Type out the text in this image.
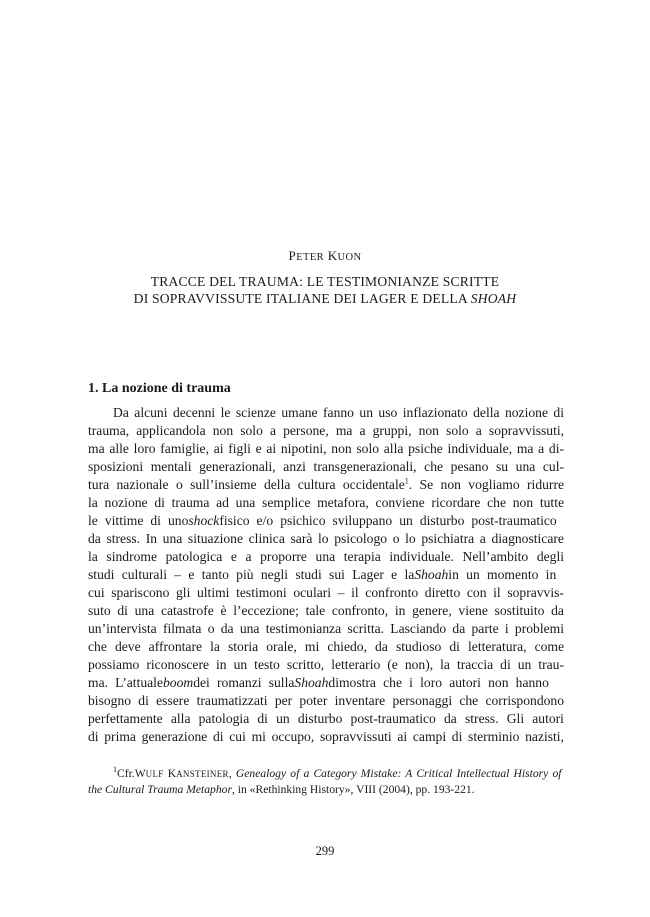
PETER KUON
TRACCE DEL TRAUMA: LE TESTIMONIANZE SCRITTE
DI SOPRAVVISSUTE ITALIANE DEI LAGER E DELLA SHOAH
1. La nozione di trauma
Da alcuni decenni le scienze umane fanno un uso inflazionato della nozione di
trauma, applicandola non solo a persone, ma a gruppi, non solo a sopravvissuti,
ma alle loro famiglie, ai figli e ai nipotini, non solo alla psiche individuale, ma a di-
sposizioni mentali generazionali, anzi transgenerazionali, che pesano su una cul-
tura nazionale o sull’insieme della cultura occidentale$^1$. Se non vogliamo ridurre
la nozione di trauma ad una semplice metafora, conviene ricordare che non tutte
le vittime di unoshockfisico e/o psichico sviluppano un disturbo post-traumatico
da stress. In una situazione clinica sarà lo psicologo o lo psichiatra a diagnosticare
la sindrome patologica e a proporre una terapia individuale. Nell’ambito degli
studi culturali – e tanto più negli studi sui Lager e laShoahin un momento in
cui spariscono gli ultimi testimoni oculari – il confronto diretto con il sopravvis-
suto di una catastrofe è l’eccezione; tale confronto, in genere, viene sostituito da
un’intervista filmata o da una testimonianza scritta. Lasciando da parte i problemi
che deve affrontare la storia orale, mi chiedo, da studioso di letteratura, come
possiamo riconoscere in un testo scritto, letterario (e non), la traccia di un trau-
ma. L’attualeboomdei romanzi sullaShoahdimostra che i loro autori non hanno
bisogno di essere traumatizzati per poter inventare personaggi che corrispondono
perfettamente alla patologia di un disturbo post-traumatico da stress. Gli autori
di prima generazione di cui mi occupo, sopravvissuti ai campi di sterminio nazisti,
$^1$Cfr.WULF KANSTEINER, Genealogy of a Category Mistake: A Critical Intellectual History of
the Cultural Trauma Metaphor, in «Rethinking History», VIII (2004), pp. 193-221.
299
